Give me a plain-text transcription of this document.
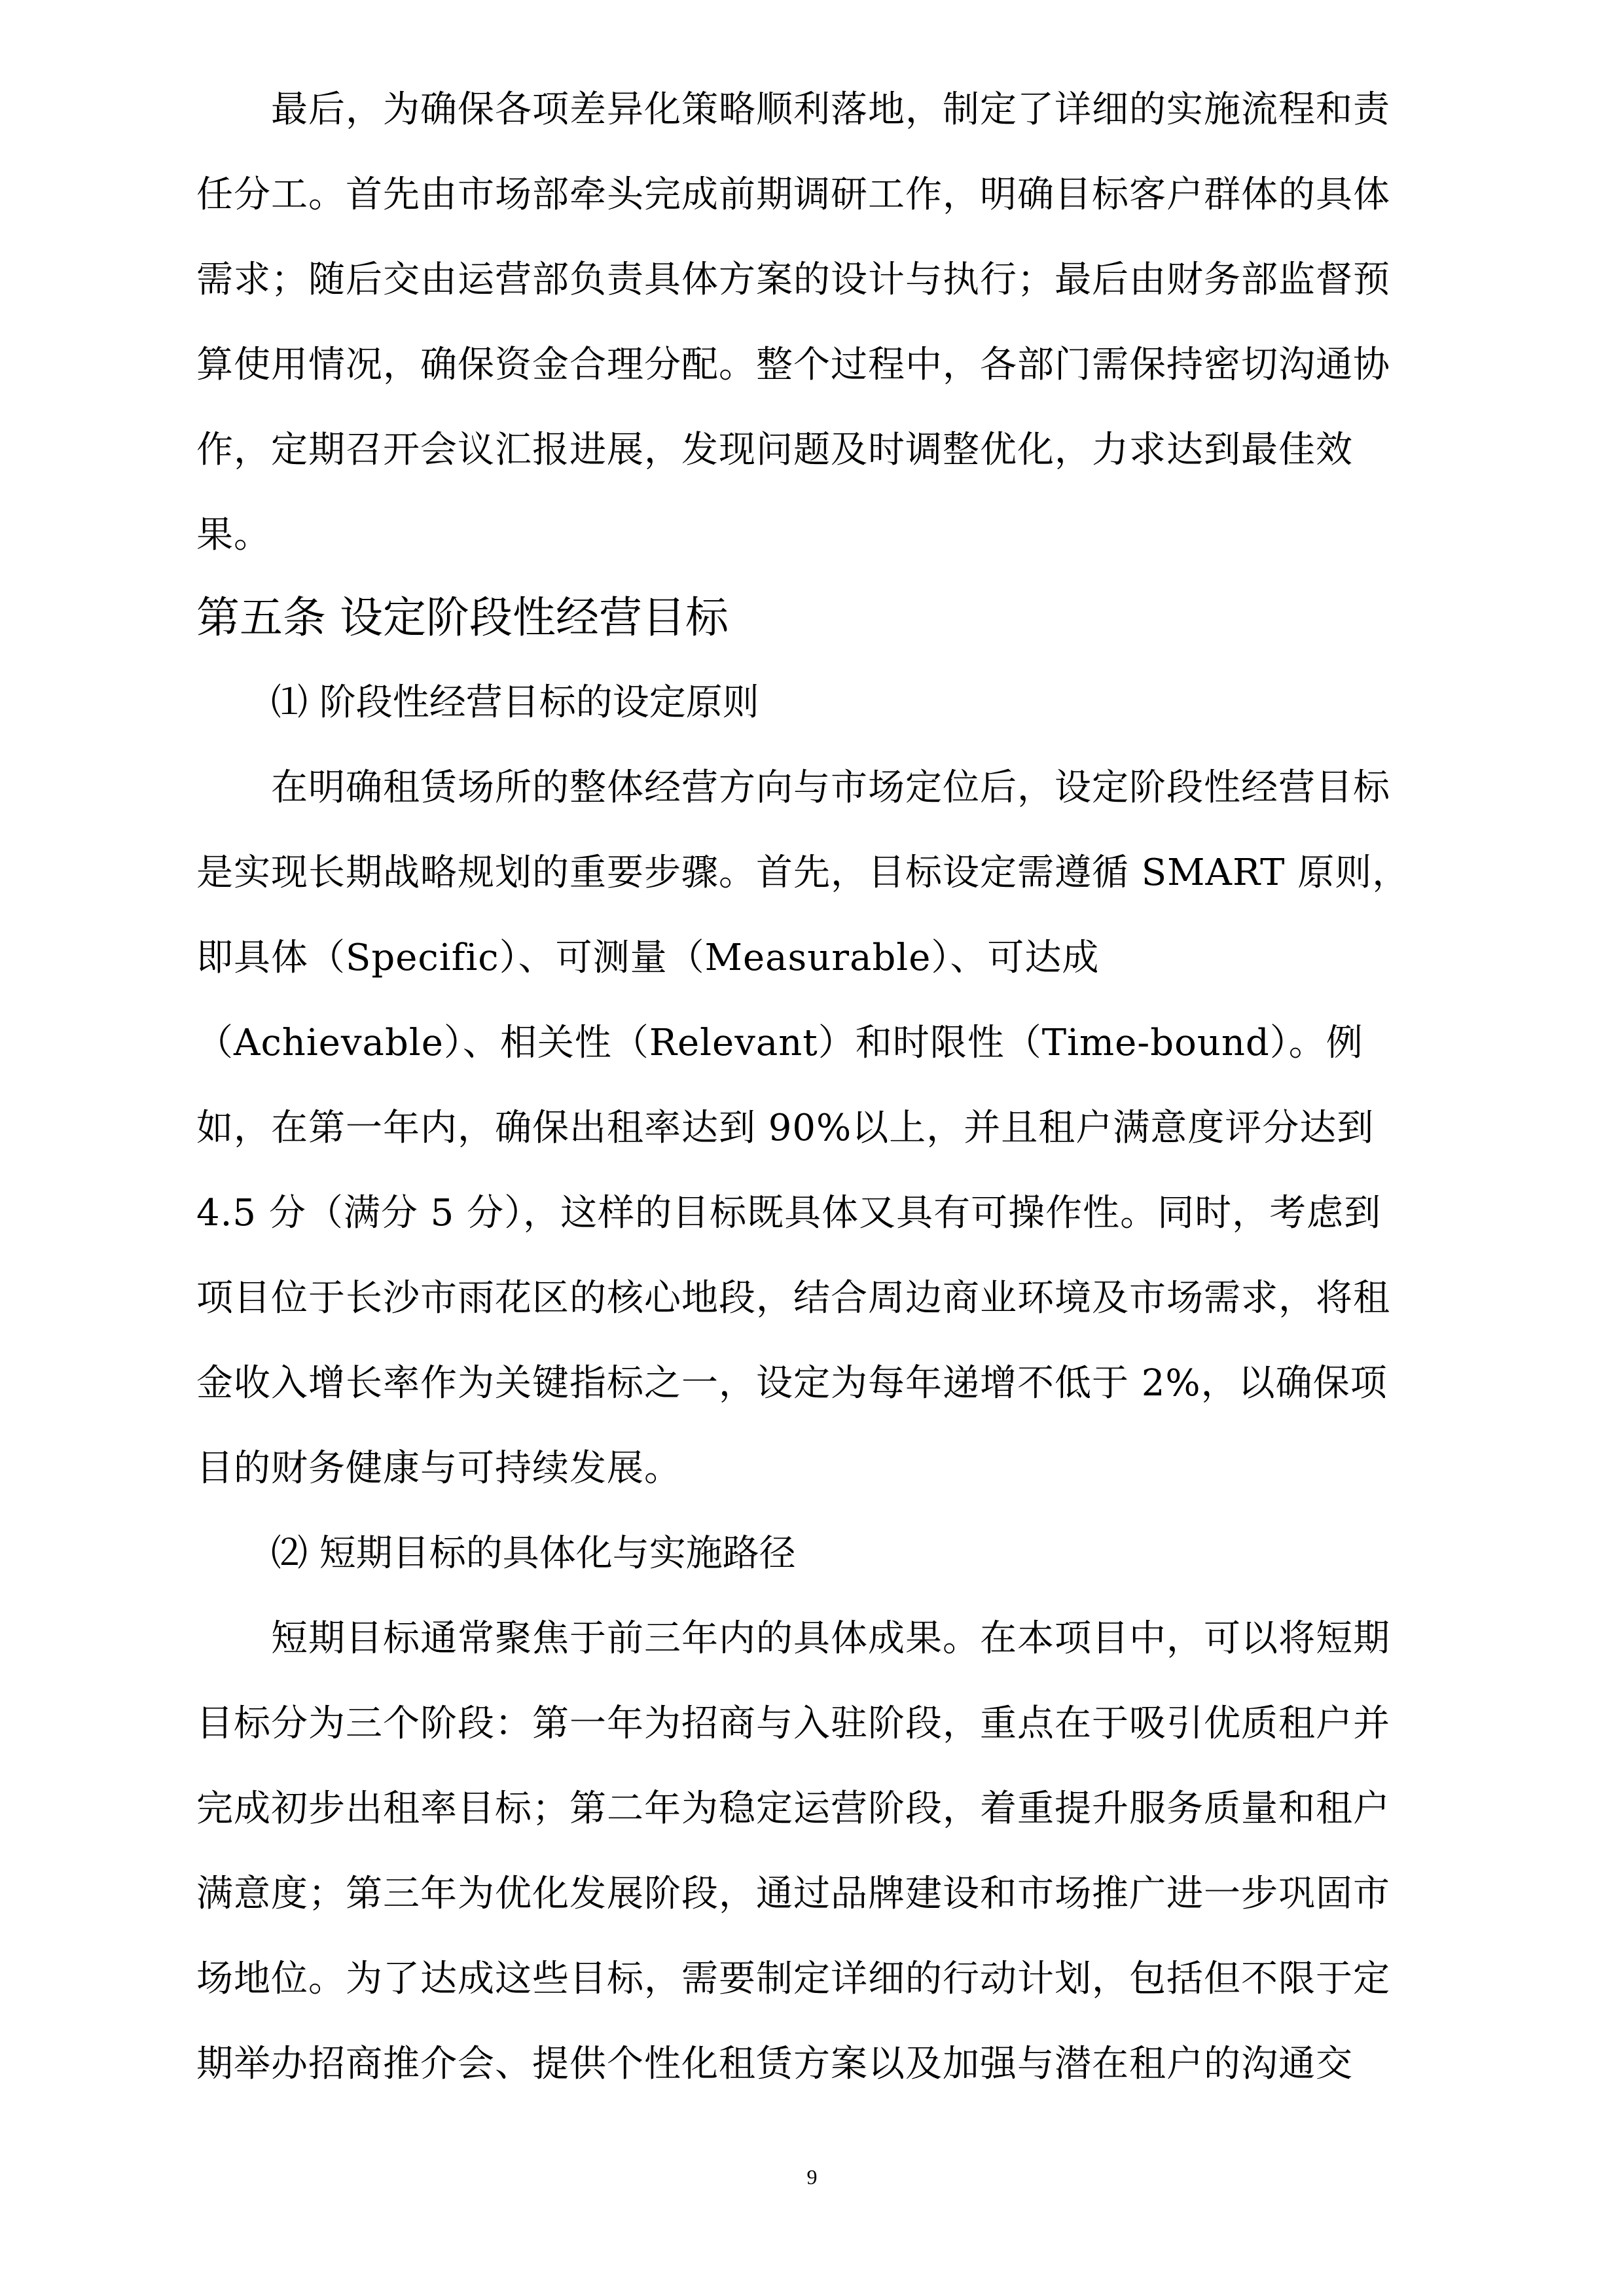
最后，为确保各项差异化策略顺利落地，制定了详细的实施流程和责
任分工。首先由市场部牵头完成前期调研工作，明确目标客户群体的具体
需求；随后交由运营部负责具体方案的设计与执行；最后由财务部监督预
算使用情况，确保资金合理分配。整个过程中，各部门需保持密切沟通协
作，定期召开会议汇报进展，发现问题及时调整优化，力求达到最佳效
果。
第五条 设定阶段性经营目标
⑴ 阶段性经营目标的设定原则
在明确租赁场所的整体经营方向与市场定位后，设定阶段性经营目标
是实现长期战略规划的重要步骤。首先，目标设定需遵循 SMART 原则，
即具体（Specific）、可测量（Measurable）、可达成
（Achievable）、相关性（Relevant）和时限性（Time-bound）。例
如，在第一年内，确保出租率达到 90%以上，并且租户满意度评分达到
4.5 分（满分 5 分），这样的目标既具体又具有可操作性。同时，考虑到
项目位于长沙市雨花区的核心地段，结合周边商业环境及市场需求，将租
金收入增长率作为关键指标之一，设定为每年递增不低于 2%，以确保项
目的财务健康与可持续发展。
⑵ 短期目标的具体化与实施路径
短期目标通常聚焦于前三年内的具体成果。在本项目中，可以将短期
目标分为三个阶段：第一年为招商与入驻阶段，重点在于吸引优质租户并
完成初步出租率目标；第二年为稳定运营阶段，着重提升服务质量和租户
满意度；第三年为优化发展阶段，通过品牌建设和市场推广进一步巩固市
场地位。为了达成这些目标，需要制定详细的行动计划，包括但不限于定
期举办招商推介会、提供个性化租赁方案以及加强与潜在租户的沟通交
9
